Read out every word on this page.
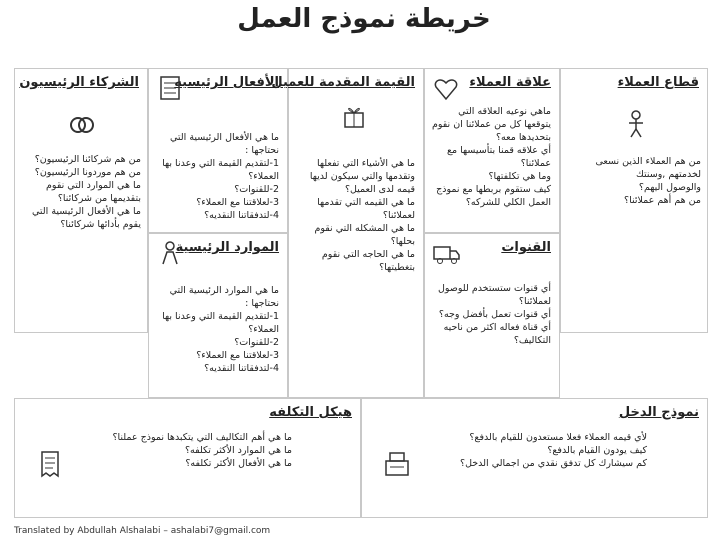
خريطة نموذج العمل
الشركاء الرئيسيون
من هم شركائنا الرئيسيون؟
من هم موردونا الرئيسيون؟
ما هي الموارد التي نقوم
بتقديمها من شركائنا؟
ما هي الأفعال الرئيسية التي
يقوم بأدائها شركائنا؟
الأفعال الرئيسيه
ما هي الأفعال الرئيسية التي
نحتاجها :
1-لتقديم القيمة التي وعدنا بها
العملاء؟
2-للقنوات؟
3-لعلاقتنا مع العملاء؟
4-لتدفقاتنا النقديه؟
الموارد الرئيسية
ما هي الموارد الرئيسية التي
نحتاجها :
1-لتقديم القيمة التي وعدنا بها
العملاء؟
2-للقنوات؟
3-لعلاقتنا مع العملاء؟
4-لتدفقاتنا النقديه؟
القيمة المقدمة للعميل
ما هي الأشياء التي تفعلها
وتقدمها والتي سيكون لديها
قيمه لدى العميل؟
ما هي القيمه التي تقدمها
لعملائنا؟
ما هي المشكله التي نقوم
بحلها؟
ما هي الحاجه التي نقوم
بتغطيتها؟
علاقة العملاء
ماهي نوعيه العلاقه التي
يتوقعها كل من عملائنا ان نقوم
بتحديدها معه؟
أي علاقه قمنا بتأسيسها مع
عملائنا؟
وما هي تكلفتها؟
كيف ستقوم بربطها مع نموذج
العمل الكلي للشركه؟
القنوات
أي قنوات ستستخدم للوصول
لعملائنا؟
أي قنوات تعمل بأفضل وجه؟
أي قناة فعاله اكثر من ناحيه
التكاليف؟
قطاع العملاء
من هم العملاء الذين نسعى
لخدمتهم ,وسنتك
والوصول اليهم؟
من هم أهم عملائنا؟
هيكل التكلفه
ما هي أهم التكاليف التي يتكبدها نموذج عملنا؟
ما هي الموارد الأكثر تكلفه؟
ما هي الأفعال الأكثر تكلفه؟
نموذج الدخل
لأي قيمه العملاء فعلا مستعدون للقيام بالدفع؟
كيف يودون القيام بالدفع؟
كم سيشارك كل تدفق نقدي من اجمالي الدخل؟
Translated by Abdullah Alshalabi – ashalabi7@gmail.com
